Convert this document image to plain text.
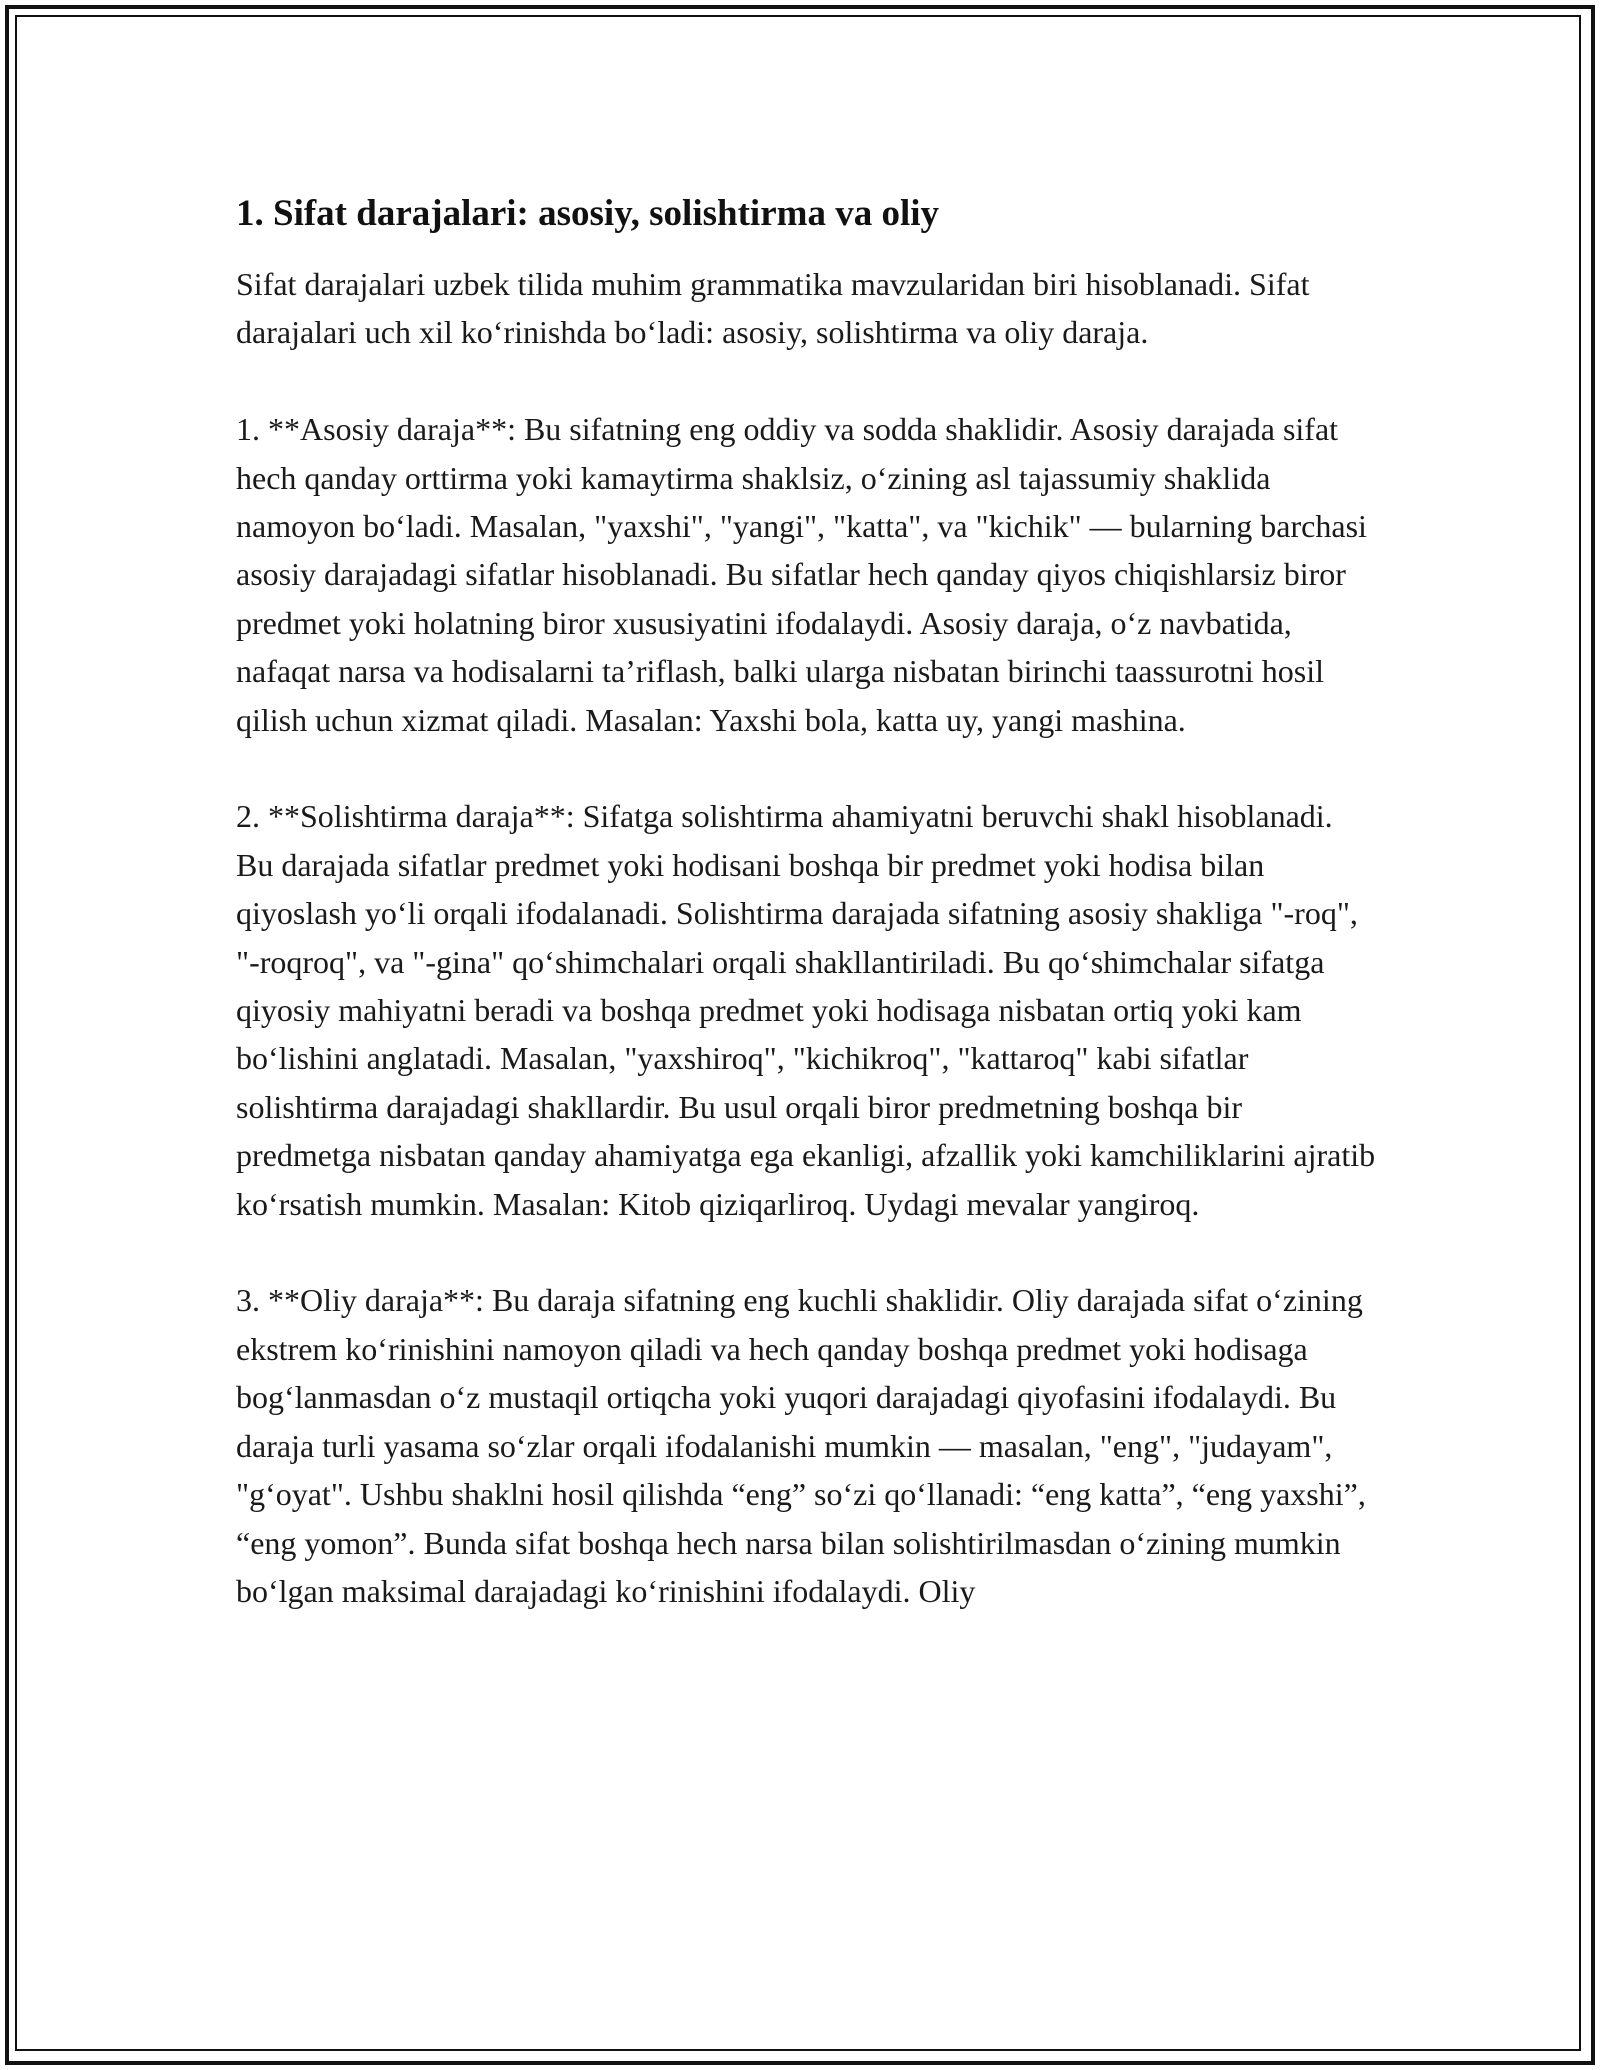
1. Sifat darajalari: asosiy, solishtirma va oliy

Sifat darajalari uzbek tilida muhim grammatika mavzularidan biri hisoblanadi. Sifat darajalari uch xil koʻrinishda boʻladi: asosiy, solishtirma va oliy daraja.

1. **Asosiy daraja**: Bu sifatning eng oddiy va sodda shaklidir. Asosiy darajada sifat hech qanday orttirma yoki kamaytirma shaklsiz, oʻzining asl tajassumiy shaklida namoyon boʻladi. Masalan, "yaxshi", "yangi", "katta", va "kichik" — bularning barchasi asosiy darajadagi sifatlar hisoblanadi. Bu sifatlar hech qanday qiyos chiqishlarsiz biror predmet yoki holatning biror xususiyatini ifodalaydi. Asosiy daraja, oʻz navbatida, nafaqat narsa va hodisalarni taʼriflash, balki ularga nisbatan birinchi taassurotni hosil qilish uchun xizmat qiladi. Masalan: Yaxshi bola, katta uy, yangi mashina.

2. **Solishtirma daraja**: Sifatga solishtirma ahamiyatni beruvchi shakl hisoblanadi. Bu darajada sifatlar predmet yoki hodisani boshqa bir predmet yoki hodisa bilan qiyoslash yoʻli orqali ifodalanadi. Solishtirma darajada sifatning asosiy shakliga "-roq", "-roqroq", va "-gina" qoʻshimchalari orqali shakllantiriladi. Bu qoʻshimchalar sifatga qiyosiy mahiyatni beradi va boshqa predmet yoki hodisaga nisbatan ortiq yoki kam boʻlishini anglatadi. Masalan, "yaxshiroq", "kichikroq", "kattaroq" kabi sifatlar solishtirma darajadagi shakllardir. Bu usul orqali biror predmetning boshqa bir predmetga nisbatan qanday ahamiyatga ega ekanligi, afzallik yoki kamchiliklarini ajratib koʻrsatish mumkin. Masalan: Kitob qiziqarliroq. Uydagi mevalar yangiroq.

3. **Oliy daraja**: Bu daraja sifatning eng kuchli shaklidir. Oliy darajada sifat oʻzining ekstrem koʻrinishini namoyon qiladi va hech qanday boshqa predmet yoki hodisaga bogʻlanmasdan oʻz mustaqil ortiqcha yoki yuqori darajadagi qiyofasini ifodalaydi. Bu daraja turli yasama soʻzlar orqali ifodalanishi mumkin — masalan, "eng", "judayam", "gʻoyat". Ushbu shaklni hosil qilishda “eng” soʻzi qoʻllanadi: “eng katta”, “eng yaxshi”, “eng yomon”. Bunda sifat boshqa hech narsa bilan solishtirilmasdan oʻzining mumkin boʻlgan maksimal darajadagi koʻrinishini ifodalaydi. Oliy
